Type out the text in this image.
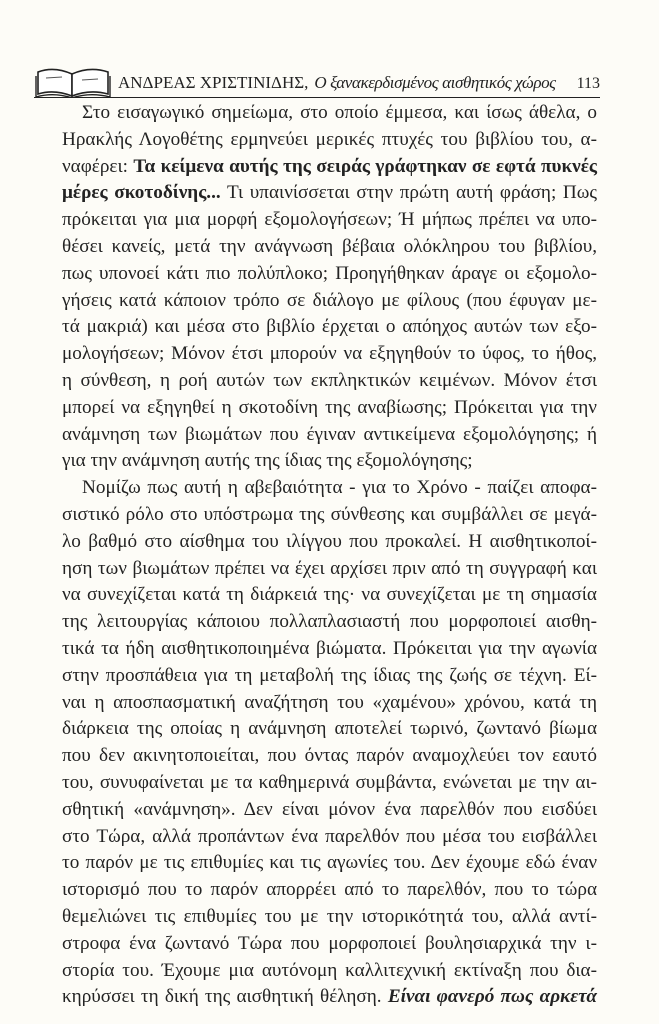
ΑΝΔΡΕΑΣ ΧΡΙΣΤΙΝΙΔΗΣ, Ο ξανακερδισμένος αισθητικός χώρος	113
Στο εισαγωγικό σημείωμα, στο οποίο έμμεσα, και ίσως άθελα, ο
Ηρακλής Λογοθέτης ερμηνεύει μερικές πτυχές του βιβλίου του, α-
ναφέρει: Τα κείμενα αυτής της σειράς γράφτηκαν σε εφτά πυκνές
μέρες σκοτοδίνης... Τι υπαινίσσεται στην πρώτη αυτή φράση; Πως
πρόκειται για μια μορφή εξομολογήσεων; Ή μήπως πρέπει να υπο-
θέσει κανείς, μετά την ανάγνωση βέβαια ολόκληρου του βιβλίου,
πως υπονοεί κάτι πιο πολύπλοκο; Προηγήθηκαν άραγε οι εξομολο-
γήσεις κατά κάποιον τρόπο σε διάλογο με φίλους (που έφυγαν με-
τά μακριά) και μέσα στο βιβλίο έρχεται ο απόηχος αυτών των εξο-
μολογήσεων; Μόνον έτσι μπορούν να εξηγηθούν το ύφος, το ήθος,
η σύνθεση, η ροή αυτών των εκπληκτικών κειμένων. Μόνον έτσι
μπορεί να εξηγηθεί η σκοτοδίνη της αναβίωσης; Πρόκειται για την
ανάμνηση των βιωμάτων που έγιναν αντικείμενα εξομολόγησης; ή
για την ανάμνηση αυτής της ίδιας της εξομολόγησης;
Νομίζω πως αυτή η αβεβαιότητα - για το Χρόνο - παίζει αποφα-
σιστικό ρόλο στο υπόστρωμα της σύνθεσης και συμβάλλει σε μεγά-
λο βαθμό στο αίσθημα του ιλίγγου που προκαλεί. Η αισθητικοποί-
ηση των βιωμάτων πρέπει να έχει αρχίσει πριν από τη συγγραφή και
να συνεχίζεται κατά τη διάρκειά της· να συνεχίζεται με τη σημασία
της λειτουργίας κάποιου πολλαπλασιαστή που μορφοποιεί αισθη-
τικά τα ήδη αισθητικοποιημένα βιώματα. Πρόκειται για την αγωνία
στην προσπάθεια για τη μεταβολή της ίδιας της ζωής σε τέχνη. Εί-
ναι η αποσπασματική αναζήτηση του «χαμένου» χρόνου, κατά τη
διάρκεια της οποίας η ανάμνηση αποτελεί τωρινό, ζωντανό βίωμα
που δεν ακινητοποιείται, που όντας παρόν αναμοχλεύει τον εαυτό
του, συνυφαίνεται με τα καθημερινά συμβάντα, ενώνεται με την αι-
σθητική «ανάμνηση». Δεν είναι μόνον ένα παρελθόν που εισδύει
στο Τώρα, αλλά προπάντων ένα παρελθόν που μέσα του εισβάλλει
το παρόν με τις επιθυμίες και τις αγωνίες του. Δεν έχουμε εδώ έναν
ιστορισμό που το παρόν απορρέει από το παρελθόν, που το τώρα
θεμελιώνει τις επιθυμίες του με την ιστορικότητά του, αλλά αντί-
στροφα ένα ζωντανό Τώρα που μορφοποιεί βουλησιαρχικά την ι-
στορία του. Έχουμε μια αυτόνομη καλλιτεχνική εκτίναξη που δια-
κηρύσσει τη δική της αισθητική θέληση. Είναι φανερό πως αρκετά
